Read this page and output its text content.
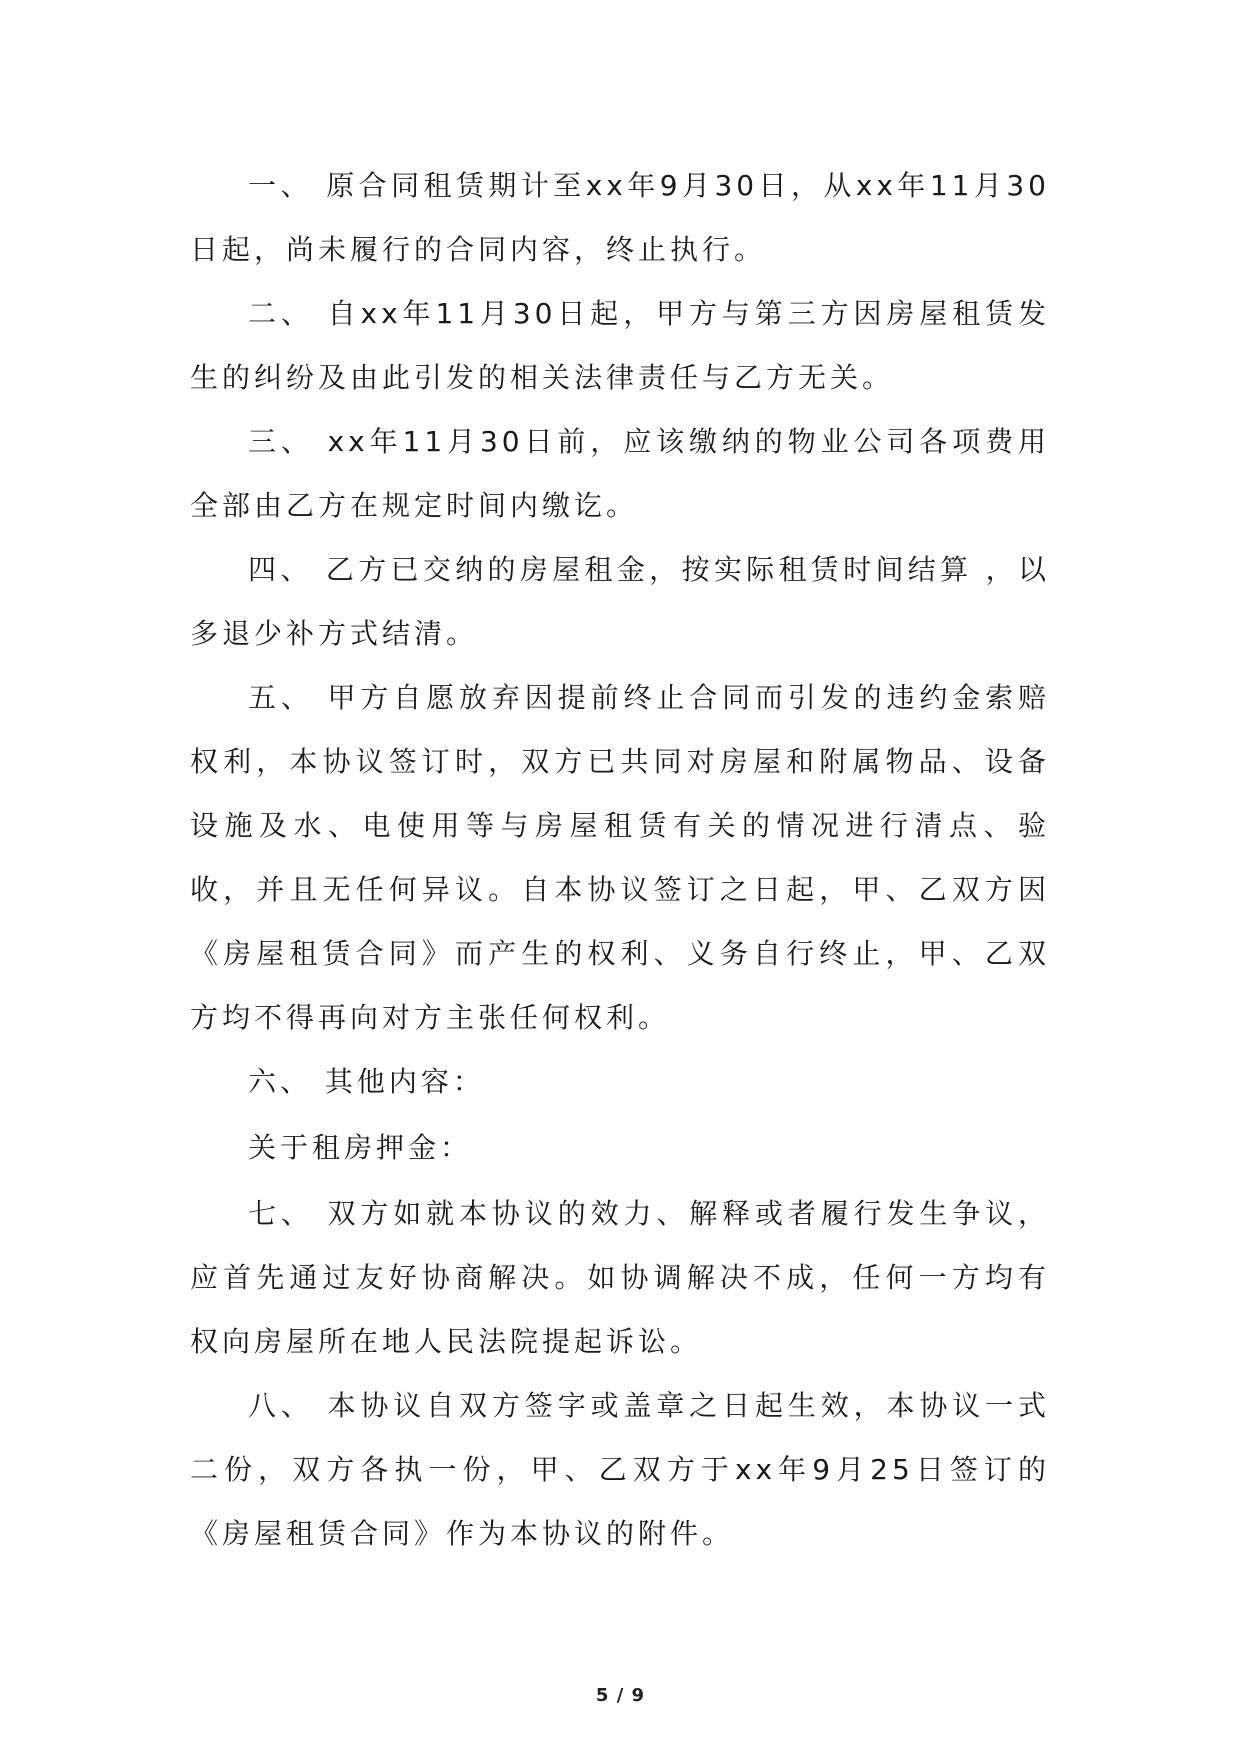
一、 原合同租赁期计至xx年9月30日，从xx年11月30日起，尚未履行的合同内容，终止执行。

二、 自xx年11月30日起，甲方与第三方因房屋租赁发生的纠纷及由此引发的相关法律责任与乙方无关。

三、 xx年11月30日前，应该缴纳的物业公司各项费用全部由乙方在规定时间内缴讫。

四、 乙方已交纳的房屋租金，按实际租赁时间结算 ，以多退少补方式结清。

五、 甲方自愿放弃因提前终止合同而引发的违约金索赔权利，本协议签订时，双方已共同对房屋和附属物品、设备设施及水、电使用等与房屋租赁有关的情况进行清点、验收，并且无任何异议。自本协议签订之日起，甲、乙双方因《房屋租赁合同》而产生的权利、义务自行终止，甲、乙双方均不得再向对方主张任何权利。

六、 其他内容：

关于租房押金：

七、 双方如就本协议的效力、解释或者履行发生争议，应首先通过友好协商解决。如协调解决不成，任何一方均有权向房屋所在地人民法院提起诉讼。

八、 本协议自双方签字或盖章之日起生效，本协议一式二份，双方各执一份，甲、乙双方于xx年9月25日签订的《房屋租赁合同》作为本协议的附件。

5 / 9
